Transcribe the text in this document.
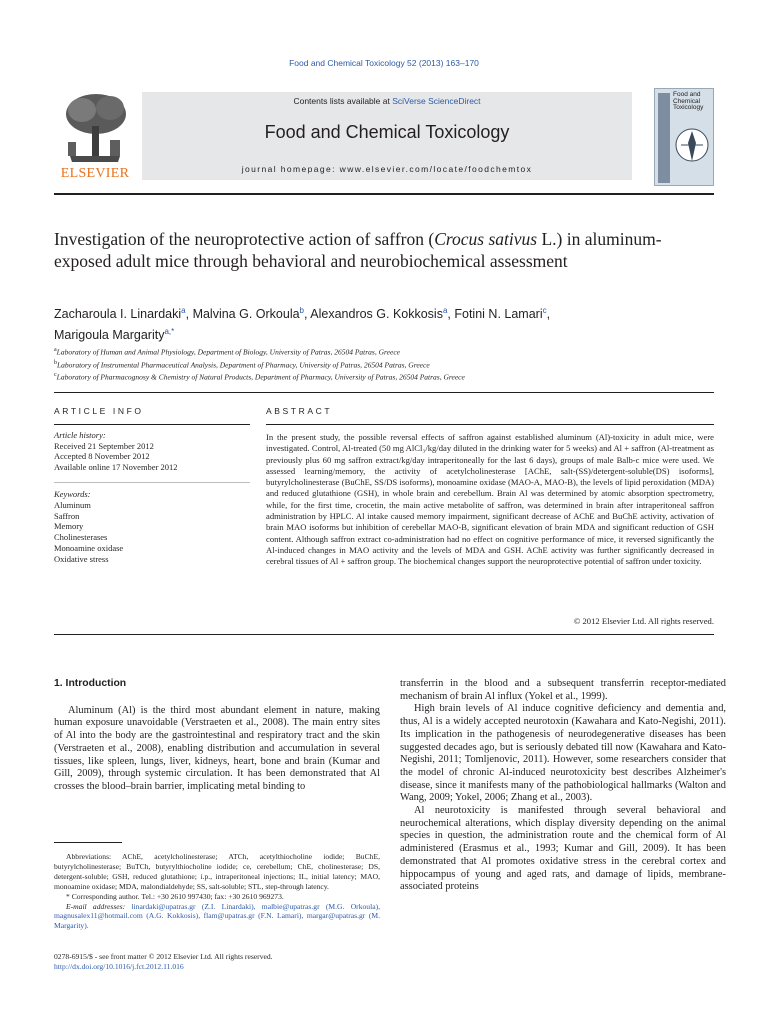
Food and Chemical Toxicology 52 (2013) 163–170
ELSEVIER
Contents lists available at SciVerse ScienceDirect
Food and Chemical Toxicology
journal homepage: www.elsevier.com/locate/foodchemtox
Food and
Chemical
Toxicology
Investigation of the neuroprotective action of saffron (Crocus sativus L.) in aluminum-exposed adult mice through behavioral and neurobiochemical assessment
Zacharoula I. Linardaki$^a$, Malvina G. Orkoula$^b$, Alexandros G. Kokkosis$^a$, Fotini N. Lamari$^c$,
Marigoula Margarity$^{a,*}$
$^a$Laboratory of Human and Animal Physiology, Department of Biology, University of Patras, 26504 Patras, Greece
$^b$Laboratory of Instrumental Pharmaceutical Analysis, Department of Pharmacy, University of Patras, 26504 Patras, Greece
$^c$Laboratory of Pharmacognosy & Chemistry of Natural Products, Department of Pharmacy, University of Patras, 26504 Patras, Greece
ARTICLE INFO	ABSTRACT
Article history:
Received 21 September 2012
Accepted 8 November 2012
Available online 17 November 2012
Keywords:
Aluminum
Saffron
Memory
Cholinesterases
Monoamine oxidase
Oxidative stress
In the present study, the possible reversal effects of saffron against established aluminum (Al)-toxicity in adult mice, were investigated. Control, Al-treated (50 mg AlCl₃/kg/day diluted in the drinking water for 5 weeks) and Al + saffron (Al-treatment as previously plus 60 mg saffron extract/kg/day intraperitoneally for the last 6 days), groups of male Balb-c mice were used. We assessed learning/memory, the activity of acetylcholinesterase [AChE, salt-(SS)/detergent-soluble(DS) isoforms], butyrylcholinesterase (BuChE, SS/DS isoforms), monoamine oxidase (MAO-A, MAO-B), the levels of lipid peroxidation (MDA) and reduced glutathione (GSH), in whole brain and cerebellum. Brain Al was determined by atomic absorption spectrometry, while, for the first time, crocetin, the main active metabolite of saffron, was determined in brain after intraperitoneal saffron administration by HPLC. Al intake caused memory impairment, significant decrease of AChE and BuChE activity, activation of brain MAO isoforms but inhibition of cerebellar MAO-B, significant elevation of brain MDA and significant reduction of GSH content. Although saffron extract co-administration had no effect on cognitive performance of mice, it reversed significantly the Al-induced changes in MAO activity and the levels of MDA and GSH. AChE activity was further significantly decreased in cerebral tissues of Al + saffron group. The biochemical changes support the neuroprotective potential of saffron under toxicity.
© 2012 Elsevier Ltd. All rights reserved.
1. Introduction

Aluminum (Al) is the third most abundant element in nature, making human exposure unavoidable (Verstraeten et al., 2008). The main entry sites of Al into the body are the gastrointestinal and respiratory tract and the skin (Verstraeten et al., 2008), enabling distribution and accumulation in several tissues, like spleen, lungs, liver, kidneys, heart, bone and brain (Kumar and Gill, 2009), through systemic circulation. It has been demonstrated that Al crosses the blood–brain barrier, implicating metal binding to

transferrin in the blood and a subsequent transferrin receptor-mediated mechanism of brain Al influx (Yokel et al., 1999).

High brain levels of Al induce cognitive deficiency and dementia and, thus, Al is a widely accepted neurotoxin (Kawahara and Kato-Negishi, 2011). Its implication in the pathogenesis of neurodegenerative diseases has been suggested decades ago, but is seriously debated till now (Kawahara and Kato-Negishi, 2011; Tomljenovic, 2011). However, some researchers consider that the model of chronic Al-induced neurotoxicity best describes Alzheimer's disease, since it manifests many of the pathobiological hallmarks (Walton and Wang, 2009; Yokel, 2006; Zhang et al., 2003).

Al neurotoxicity is manifested through several behavioral and neurochemical alterations, which display diversity depending on the animal species in question, the administration route and the chemical form of Al administered (Erasmus et al., 1993; Kumar and Gill, 2009). It has been demonstrated that Al promotes oxidative stress in the cerebral cortex and hippocampus of young and aged rats, and damage of lipids, membrane-associated proteins

Abbreviations: AChE, acetylcholinesterase; ATCh, acetylthiocholine iodide; BuChE, butyrylcholinesterase; BuTCh, butyrylthiocholine iodide; ce, cerebellum; ChE, cholinesterase; DS, detergent-soluble; GSH, reduced glutathione; i.p., intraperitoneal injections; IL, initial latency; MAO, monoamine oxidase; MDA, malondialdehyde; SS, salt-soluble; STL, step-through latency.

* Corresponding author. Tel.: +30 2610 997430; fax: +30 2610 969273.

E-mail addresses: linardaki@upatras.gr (Z.I. Linardaki), malbie@upatras.gr (M.G. Orkoula), magnusalex11@hotmail.com (A.G. Kokkosis), flam@upatras.gr (F.N. Lamari), margar@upatras.gr (M. Margarity).

0278-6915/$ - see front matter © 2012 Elsevier Ltd. All rights reserved.
http://dx.doi.org/10.1016/j.fct.2012.11.016
